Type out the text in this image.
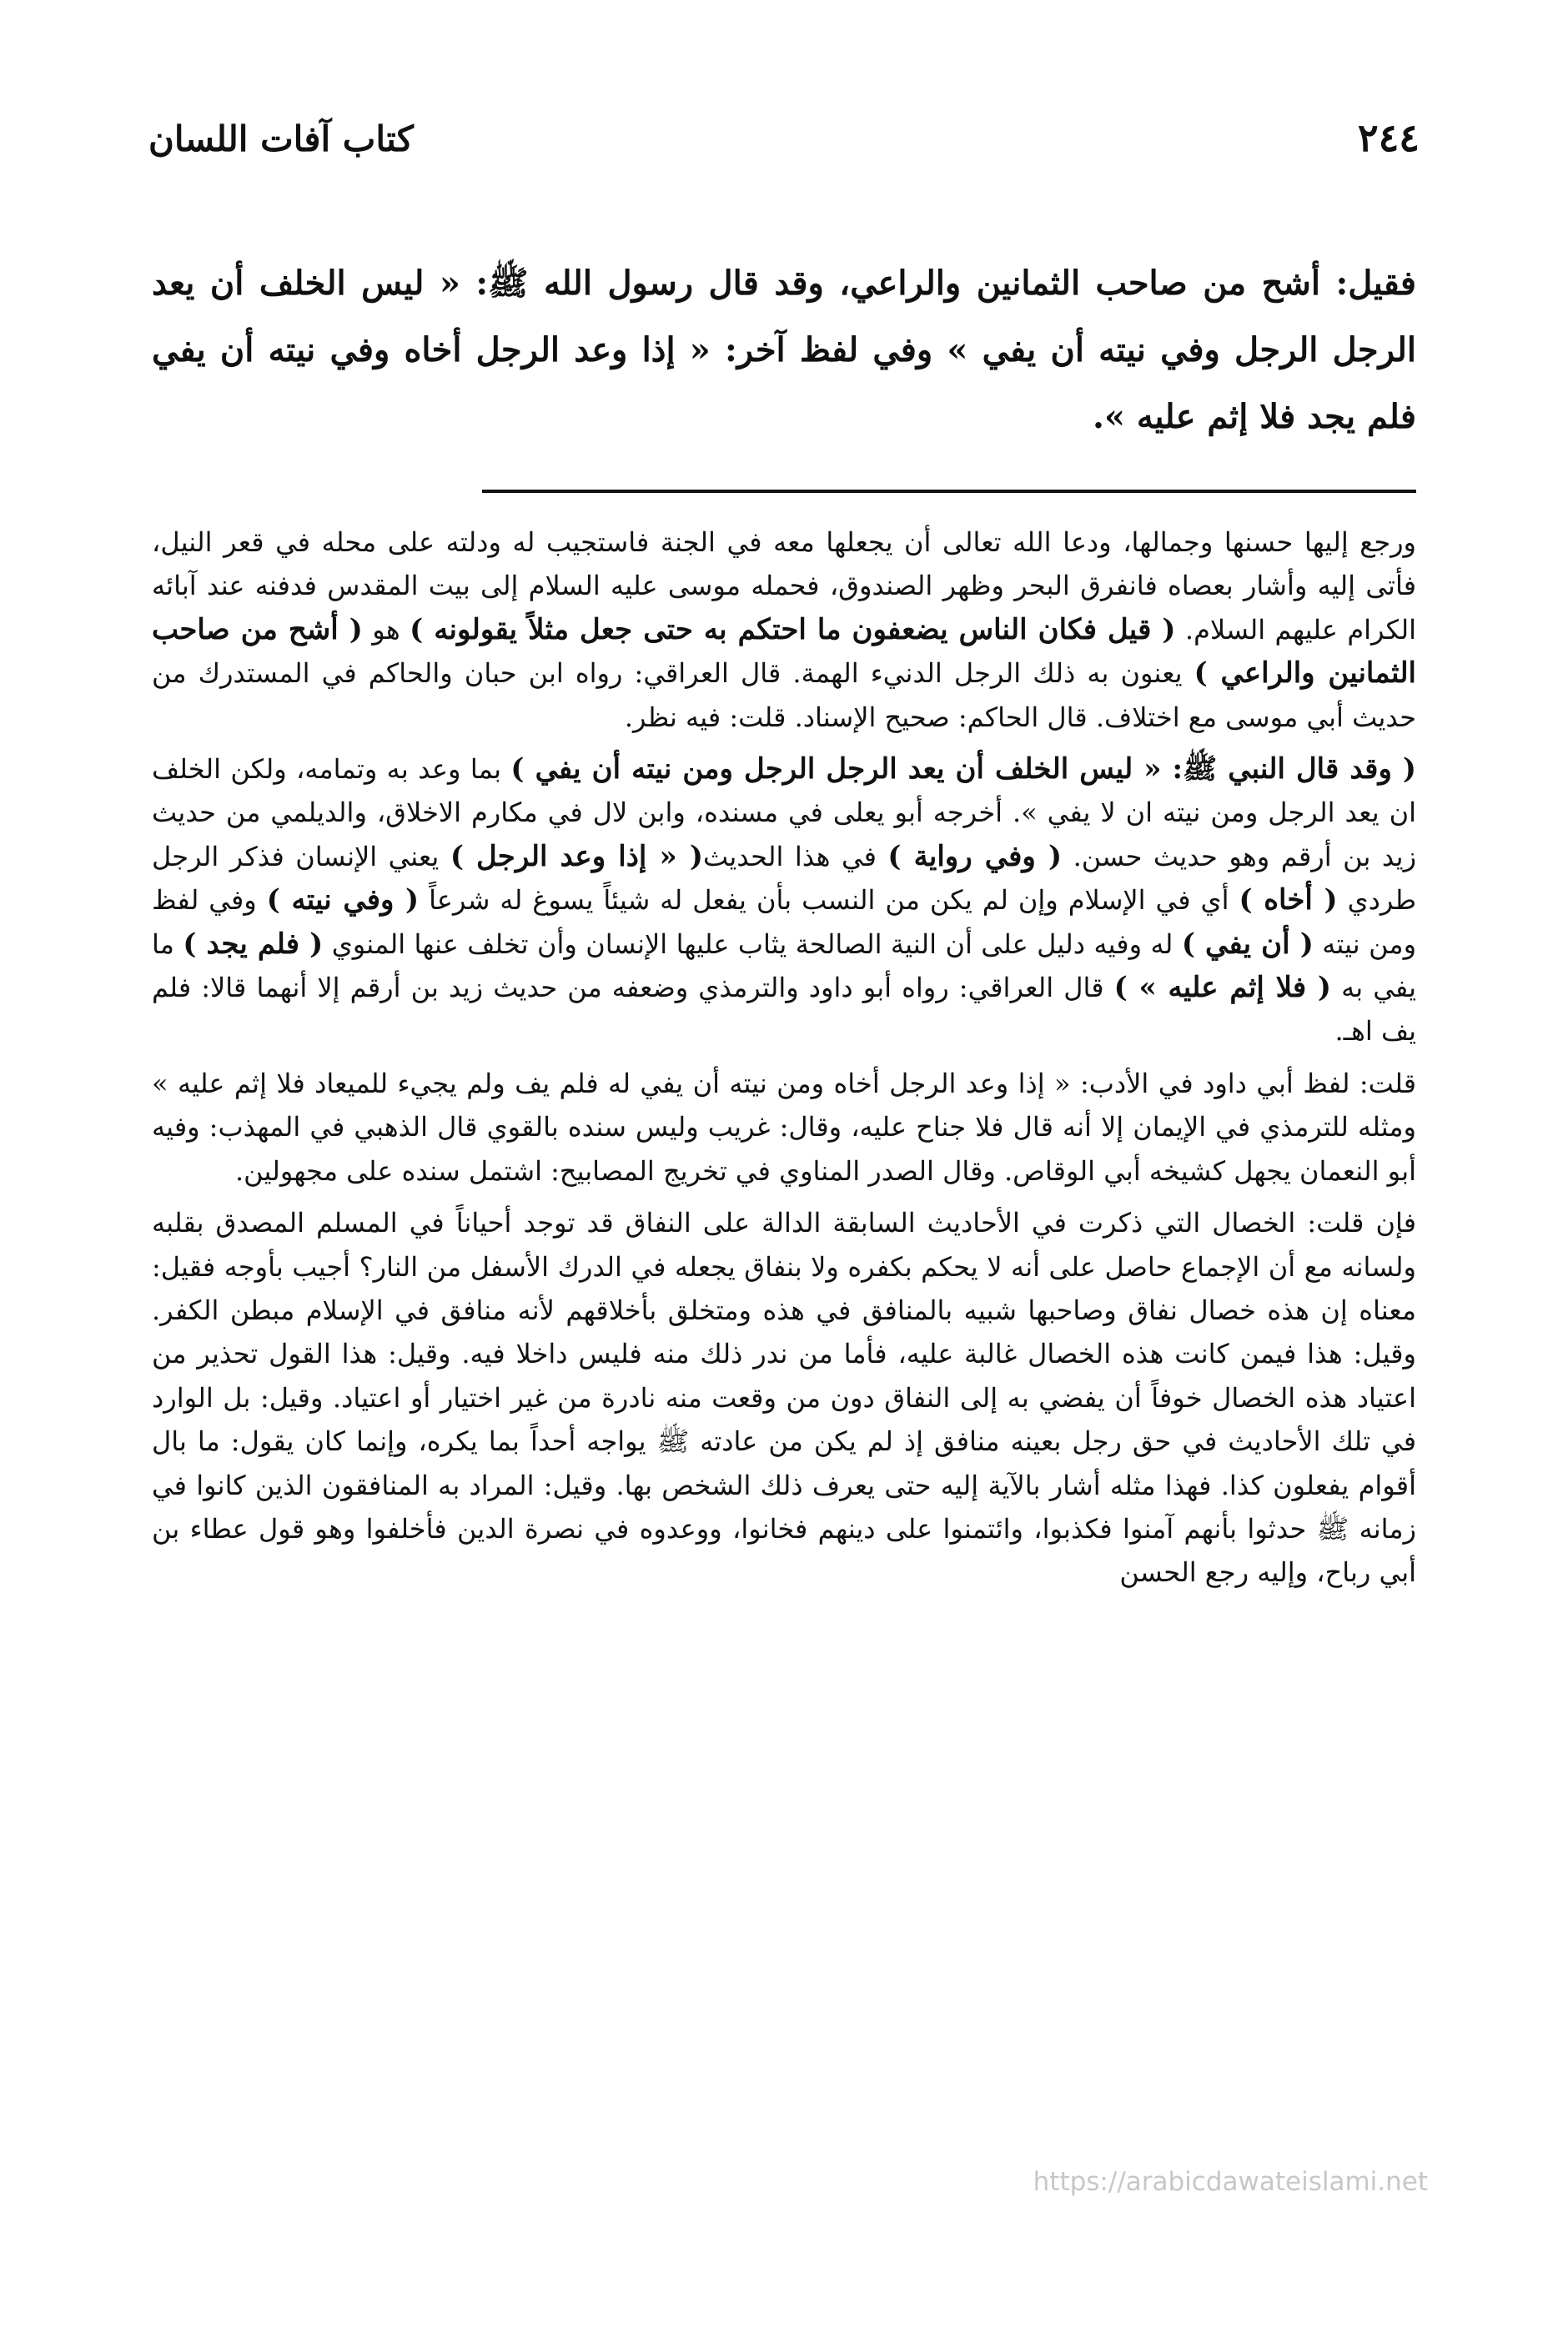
٢٤٤
كتاب آفات اللسان

فقيل: أشح من صاحب الثمانين والراعي، وقد قال رسول الله ﷺ: « ليس الخلف أن يعد الرجل الرجل وفي نيته أن يفي » وفي لفظ آخر: « إذا وعد الرجل أخاه وفي نيته أن يفي فلم يجد فلا إثم عليه ».

ورجع إليها حسنها وجمالها، ودعا الله تعالى أن يجعلها معه في الجنة فاستجيب له ودلته على محله في قعر النيل، فأتى إليه وأشار بعصاه فانفرق البحر وظهر الصندوق، فحمله موسى عليه السلام إلى بيت المقدس فدفنه عند آبائه الكرام عليهم السلام. ( قيل فكان الناس يضعفون ما احتكم به حتى جعل مثلاً يقولونه ) هو ( أشح من صاحب الثمانين والراعي ) يعنون به ذلك الرجل الدنيء الهمة. قال العراقي: رواه ابن حبان والحاكم في المستدرك من حديث أبي موسى مع اختلاف. قال الحاكم: صحيح الإسناد. قلت: فيه نظر.

( وقد قال النبي ﷺ: « ليس الخلف أن يعد الرجل الرجل ومن نيته أن يفي ) بما وعد به وتمامه، ولكن الخلف ان يعد الرجل ومن نيته ان لا يفي ». أخرجه أبو يعلى في مسنده، وابن لال في مكارم الاخلاق، والديلمي من حديث زيد بن أرقم وهو حديث حسن. ( وفي رواية ) في هذا الحديث( « إذا وعد الرجل ) يعني الإنسان فذكر الرجل طردي ( أخاه ) أي في الإسلام وإن لم يكن من النسب بأن يفعل له شيئاً يسوغ له شرعاً ( وفي نيته ) وفي لفظ ومن نيته ( أن يفي ) له وفيه دليل على أن النية الصالحة يثاب عليها الإنسان وأن تخلف عنها المنوي ( فلم يجد ) ما يفي به ( فلا إثم عليه » ) قال العراقي: رواه أبو داود والترمذي وضعفه من حديث زيد بن أرقم إلا أنهما قالا: فلم يف اهـ.

قلت: لفظ أبي داود في الأدب: « إذا وعد الرجل أخاه ومن نيته أن يفي له فلم يف ولم يجيء للميعاد فلا إثم عليه » ومثله للترمذي في الإيمان إلا أنه قال فلا جناح عليه، وقال: غريب وليس سنده بالقوي قال الذهبي في المهذب: وفيه أبو النعمان يجهل كشيخه أبي الوقاص. وقال الصدر المناوي في تخريج المصابيح: اشتمل سنده على مجهولين.

فإن قلت: الخصال التي ذكرت في الأحاديث السابقة الدالة على النفاق قد توجد أحياناً في المسلم المصدق بقلبه ولسانه مع أن الإجماع حاصل على أنه لا يحكم بكفره ولا بنفاق يجعله في الدرك الأسفل من النار؟ أجيب بأوجه فقيل: معناه إن هذه خصال نفاق وصاحبها شبيه بالمنافق في هذه ومتخلق بأخلاقهم لأنه منافق في الإسلام مبطن الكفر. وقيل: هذا فيمن كانت هذه الخصال غالبة عليه، فأما من ندر ذلك منه فليس داخلا فيه. وقيل: هذا القول تحذير من اعتياد هذه الخصال خوفاً أن يفضي به إلى النفاق دون من وقعت منه نادرة من غير اختيار أو اعتياد. وقيل: بل الوارد في تلك الأحاديث في حق رجل بعينه منافق إذ لم يكن من عادته ﷺ يواجه أحداً بما يكره، وإنما كان يقول: ما بال أقوام يفعلون كذا. فهذا مثله أشار بالآية إليه حتى يعرف ذلك الشخص بها. وقيل: المراد به المنافقون الذين كانوا في زمانه ﷺ حدثوا بأنهم آمنوا فكذبوا، وائتمنوا على دينهم فخانوا، ووعدوه في نصرة الدين فأخلفوا وهو قول عطاء بن أبي رباح، وإليه رجع الحسن

https://arabicdawateislami.net
